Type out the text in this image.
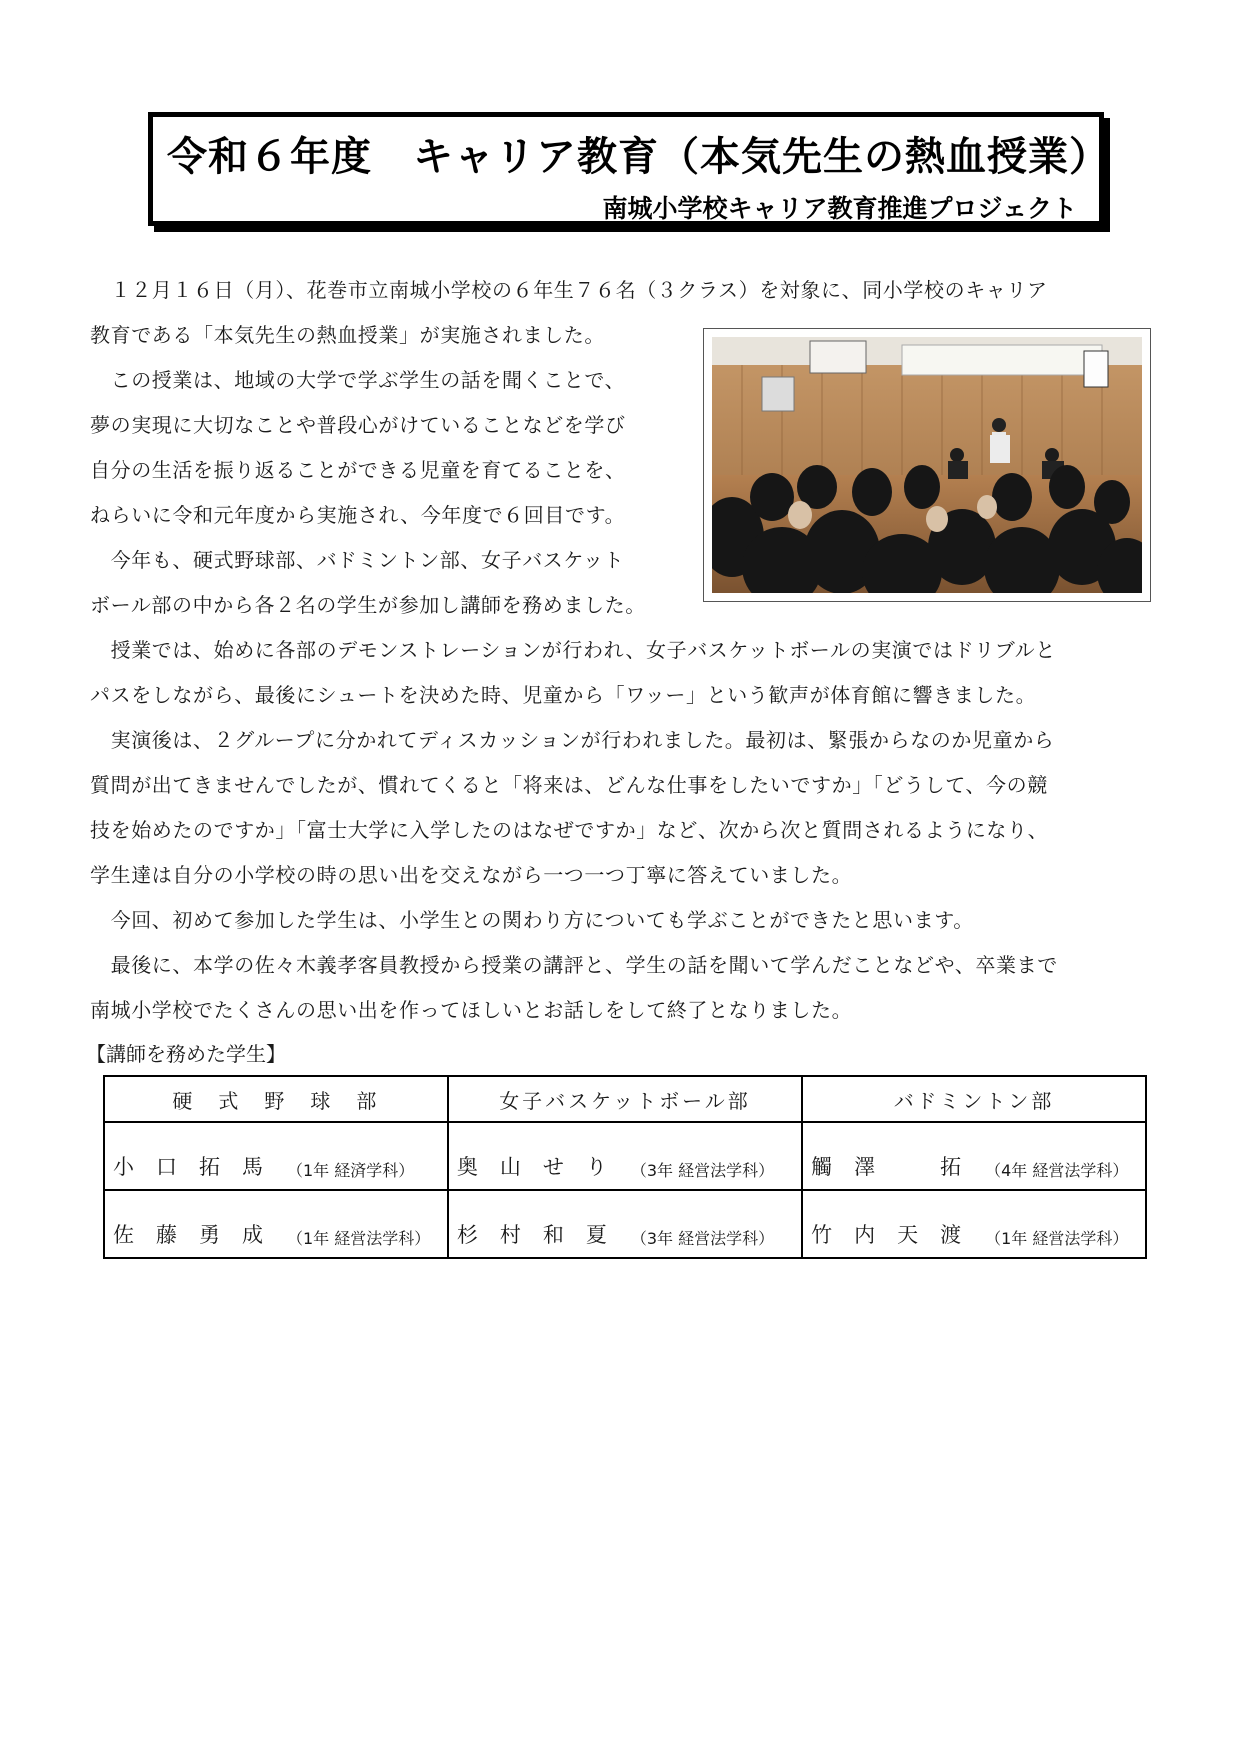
令和６年度　キャリア教育（本気先生の熱血授業）
南城小学校キャリア教育推進プロジェクト
　１２月１６日（月）、花巻市立南城小学校の６年生７６名（３クラス）を対象に、同小学校のキャリア
教育である「本気先生の熱血授業」が実施されました。
　この授業は、地域の大学で学ぶ学生の話を聞くことで、
夢の実現に大切なことや普段心がけていることなどを学び
自分の生活を振り返ることができる児童を育てることを、
ねらいに令和元年度から実施され、今年度で６回目です。
　今年も、硬式野球部、バドミントン部、女子バスケット
ボール部の中から各２名の学生が参加し講師を務めました。
　授業では、始めに各部のデモンストレーションが行われ、女子バスケットボールの実演ではドリブルと
パスをしながら、最後にシュートを決めた時、児童から「ワッー」という歓声が体育館に響きました。
　実演後は、２グループに分かれてディスカッションが行われました。最初は、緊張からなのか児童から
質問が出てきませんでしたが、慣れてくると「将来は、どんな仕事をしたいですか」「どうして、今の競
技を始めたのですか」「富士大学に入学したのはなぜですか」など、次から次と質問されるようになり、
学生達は自分の小学校の時の思い出を交えながら一つ一つ丁寧に答えていました。
　今回、初めて参加した学生は、小学生との関わり方についても学ぶことができたと思います。
　最後に、本学の佐々木義孝客員教授から授業の講評と、学生の話を聞いて学んだことなどや、卒業まで
南城小学校でたくさんの思い出を作ってほしいとお話しをして終了となりました。
【講師を務めた学生】
硬　式　野　球　部	女子バスケットボール部	バドミントン部

小口拓馬 （1年 経済学科）	奥山せり （3年 経営法学科）	觸澤　拓 （4年 経営法学科）

佐藤勇成 （1年 経営法学科）	杉村和夏 （3年 経営法学科）	竹内天渡 （1年 経営法学科）
